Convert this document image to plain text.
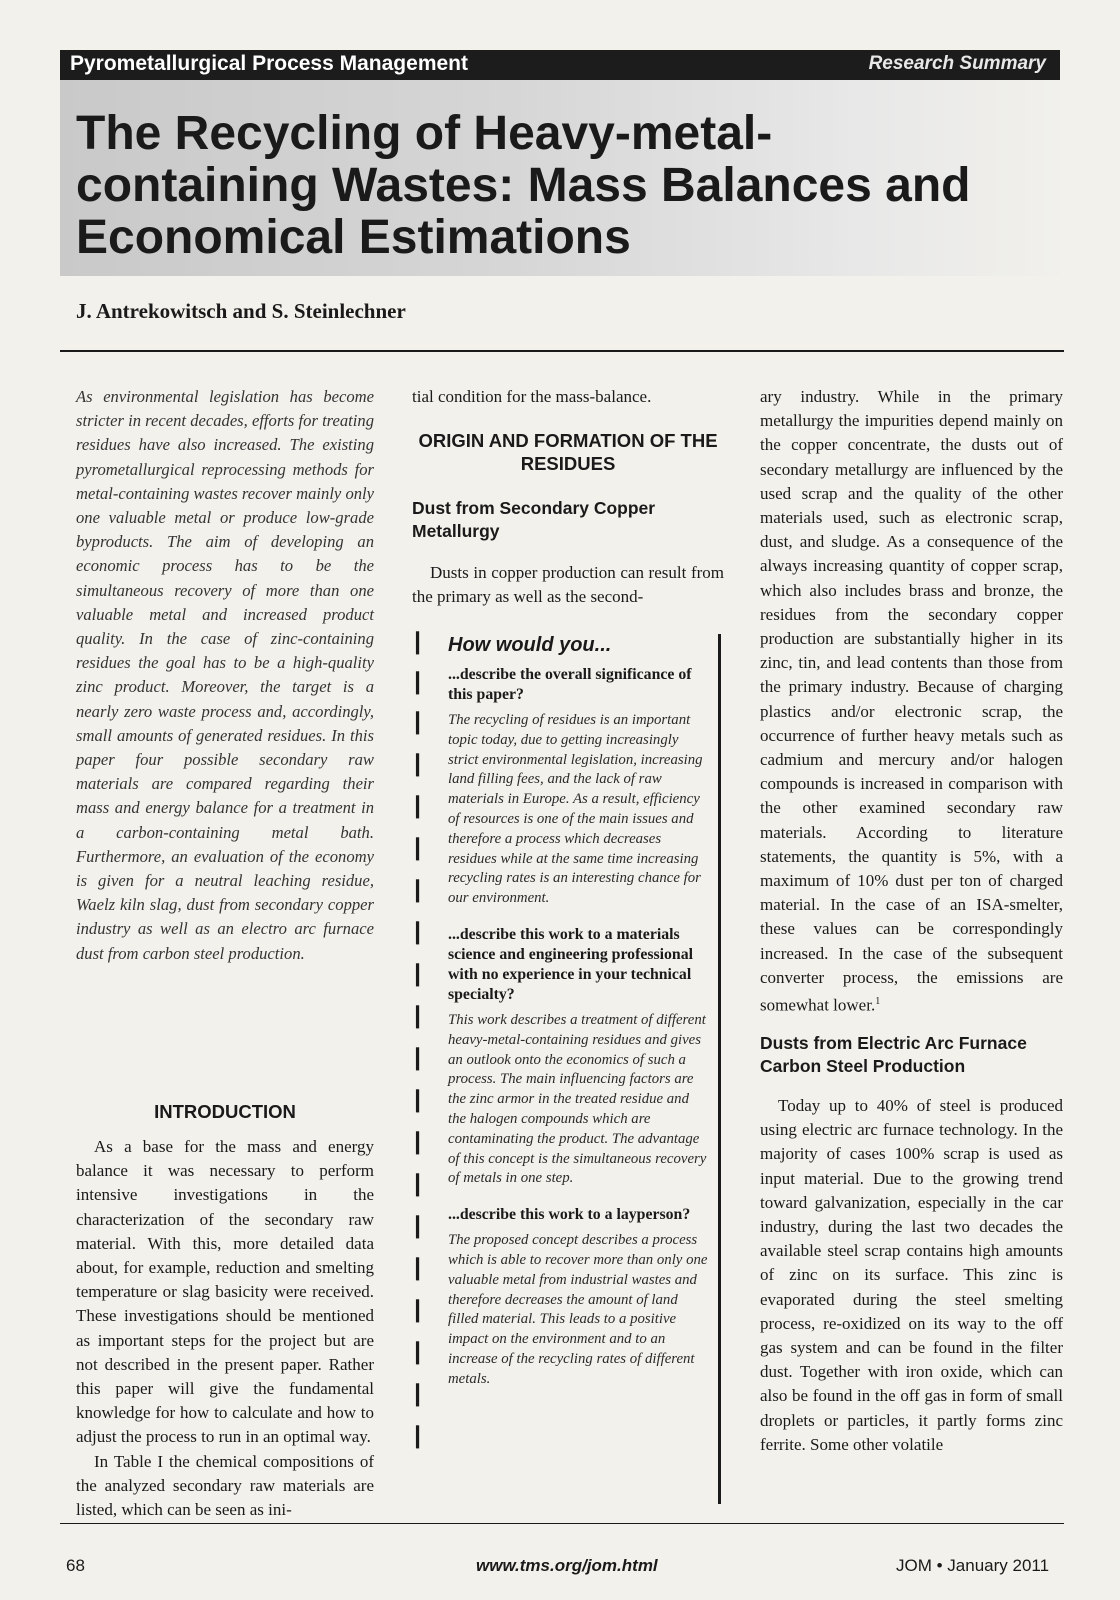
Pyrometallurgical Process Management	Research Summary
The Recycling of Heavy-metal-containing Wastes: Mass Balances and Economical Estimations
J. Antrekowitsch and S. Steinlechner

As environmental legislation has become stricter in recent decades, efforts for treating residues have also increased. The existing pyrometallurgical reprocessing methods for metal-containing wastes recover mainly only one valuable metal or produce low-grade byproducts. The aim of developing an economic process has to be the simultaneous recovery of more than one valuable metal and increased product quality. In the case of zinc-containing residues the goal has to be a high-quality zinc product. Moreover, the target is a nearly zero waste process and, accordingly, small amounts of generated residues. In this paper four possible secondary raw materials are compared regarding their mass and energy balance for a treatment in a carbon-containing metal bath. Furthermore, an evaluation of the economy is given for a neutral leaching residue, Waelz kiln slag, dust from secondary copper industry as well as an electro arc furnace dust from carbon steel production.

INTRODUCTION

As a base for the mass and energy balance it was necessary to perform intensive investigations in the characterization of the secondary raw material. With this, more detailed data about, for example, reduction and smelting temperature or slag basicity were received. These investigations should be mentioned as important steps for the project but are not described in the present paper. Rather this paper will give the fundamental knowledge for how to calculate and how to adjust the process to run in an optimal way.

In Table I the chemical compositions of the analyzed secondary raw materials are listed, which can be seen as ini-

tial condition for the mass-balance.

ORIGIN AND FORMATION OF THE RESIDUES

Dust from Secondary Copper Metallurgy

Dusts in copper production can result from the primary as well as the second-

ꟾ
ꟾ
ꟾ
ꟾ
ꟾ
ꟾ
ꟾ
ꟾ
ꟾ
ꟾ
ꟾ
ꟾ
ꟾ
ꟾ
ꟾ
ꟾ
ꟾ
ꟾ
ꟾ
ꟾ

How would you...

...describe the overall significance of this paper?

The recycling of residues is an important topic today, due to getting increasingly strict environmental legislation, increasing land filling fees, and the lack of raw materials in Europe. As a result, efficiency of resources is one of the main issues and therefore a process which decreases residues while at the same time increasing recycling rates is an interesting chance for our environment.

...describe this work to a materials science and engineering professional with no experience in your technical specialty?

This work describes a treatment of different heavy-metal-containing residues and gives an outlook onto the economics of such a process. The main influencing factors are the zinc armor in the treated residue and the halogen compounds which are contaminating the product. The advantage of this concept is the simultaneous recovery of metals in one step.

...describe this work to a layperson?

The proposed concept describes a process which is able to recover more than only one valuable metal from industrial wastes and therefore decreases the amount of land filled material. This leads to a positive impact on the environment and to an increase of the recycling rates of different metals.

ary industry. While in the primary metallurgy the impurities depend mainly on the copper concentrate, the dusts out of secondary metallurgy are influenced by the used scrap and the quality of the other materials used, such as electronic scrap, dust, and sludge. As a consequence of the always increasing quantity of copper scrap, which also includes brass and bronze, the residues from the secondary copper production are substantially higher in its zinc, tin, and lead contents than those from the primary industry. Because of charging plastics and/or electronic scrap, the occurrence of further heavy metals such as cadmium and mercury and/or halogen compounds is increased in comparison with the other examined secondary raw materials. According to literature statements, the quantity is 5%, with a maximum of 10% dust per ton of charged material. In the case of an ISA-smelter, these values can be correspondingly increased. In the case of the subsequent converter process, the emissions are somewhat lower.$^1$

Dusts from Electric Arc Furnace Carbon Steel Production

Today up to 40% of steel is produced using electric arc furnace technology. In the majority of cases 100% scrap is used as input material. Due to the growing trend toward galvanization, especially in the car industry, during the last two decades the available steel scrap contains high amounts of zinc on its surface. This zinc is evaporated during the steel smelting process, re-oxidized on its way to the off gas system and can be found in the filter dust. Together with iron oxide, which can also be found in the off gas in form of small droplets or particles, it partly forms zinc ferrite. Some other volatile

68	www.tms.org/jom.html	JOM • January 2011
